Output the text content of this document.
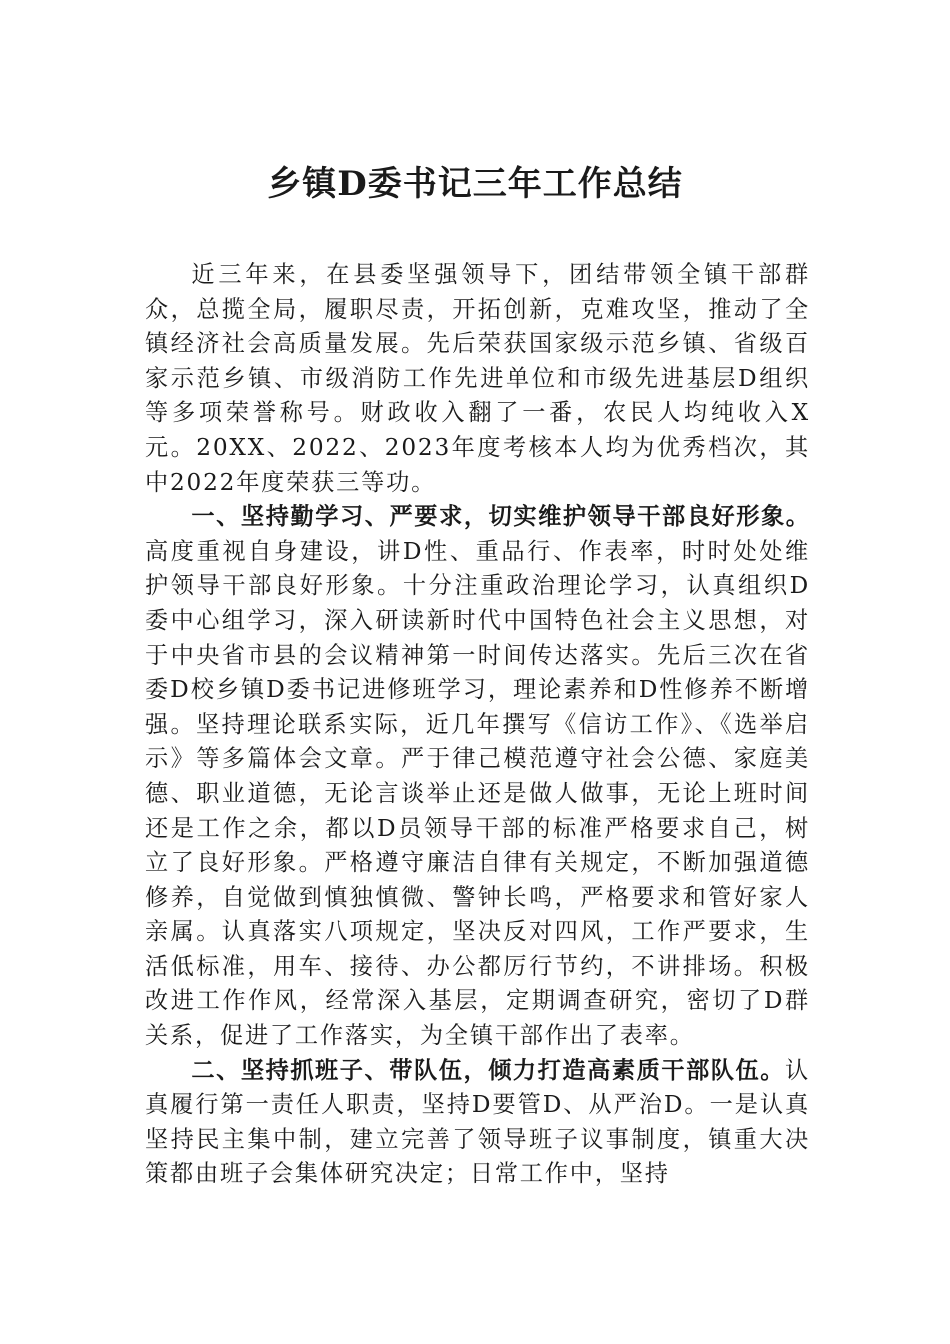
乡镇D委书记三年工作总结

近三年来，在县委坚强领导下，团结带领全镇干部群众，总揽全局，履职尽责，开拓创新，克难攻坚，推动了全镇经济社会高质量发展。先后荣获国家级示范乡镇、省级百家示范乡镇、市级消防工作先进单位和市级先进基层D组织等多项荣誉称号。财政收入翻了一番，农民人均纯收入X元。20XX、2022、2023年度考核本人均为优秀档次，其中2022年度荣获三等功。

一、坚持勤学习、严要求，切实维护领导干部良好形象。高度重视自身建设，讲D性、重品行、作表率，时时处处维护领导干部良好形象。十分注重政治理论学习，认真组织D委中心组学习，深入研读新时代中国特色社会主义思想，对于中央省市县的会议精神第一时间传达落实。先后三次在省委D校乡镇D委书记进修班学习，理论素养和D性修养不断增强。坚持理论联系实际，近几年撰写《信访工作》、《选举启示》等多篇体会文章。严于律己模范遵守社会公德、家庭美德、职业道德，无论言谈举止还是做人做事，无论上班时间还是工作之余，都以D员领导干部的标准严格要求自己，树立了良好形象。严格遵守廉洁自律有关规定，不断加强道德修养，自觉做到慎独慎微、警钟长鸣，严格要求和管好家人亲属。认真落实八项规定，坚决反对四风，工作严要求，生活低标准，用车、接待、办公都厉行节约，不讲排场。积极改进工作作风，经常深入基层，定期调查研究，密切了D群关系，促进了工作落实，为全镇干部作出了表率。

二、坚持抓班子、带队伍，倾力打造高素质干部队伍。认真履行第一责任人职责，坚持D要管D、从严治D。一是认真坚持民主集中制，建立完善了领导班子议事制度，镇重大决策都由班子会集体研究决定；日常工作中，坚持
